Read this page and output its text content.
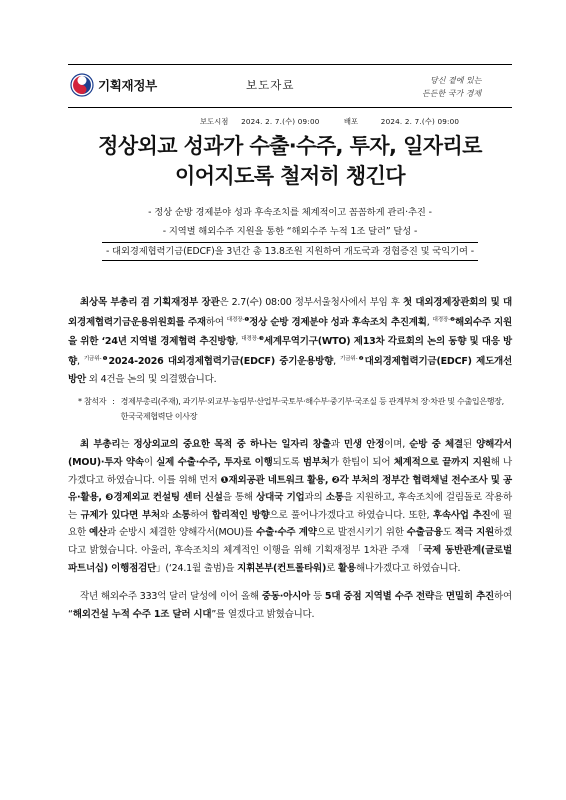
기획재정부	보도자료	당신 곁에 있는
든든한 국가 경제
보도시점 2024. 2. 7.(수) 09:00	배포	2024. 2. 7.(수) 09:00
정상외교 성과가 수출·수주, 투자, 일자리로
이어지도록 철저히 챙긴다
- 정상 순방 경제분야 성과 후속조치를 체계적이고 꼼꼼하게 관리·추진 -
- 지역별 해외수주 지원을 통한 “해외수주 누적 1조 달러” 달성 -
- 대외경제협력기금(EDCF)을 3년간 총 13.8조원 지원하여 개도국과 경협증진 및 국익기여 -

최상목 부총리 겸 기획재정부 장관은 2.7(수) 08:00 정부서울청사에서 부임 후 첫 대외경제장관회의 및 대외경제협력기금운용위원회를 주재하여 $^{대경장-❶}$정상 순방 경제분야 성과 후속조치 추진계획, $^{대경장-❷}$해외수주 지원을 위한 ‘24년 지역별 경제협력 추진방향, $^{대경장-❸}$세계무역기구(WTO) 제13차 각료회의 논의 동향 및 대응 방향, $^{기금위-❶}$2024-2026 대외경제협력기금(EDCF) 중기운용방향, $^{기금위-❷}$대외경제협력기금(EDCF) 제도개선 방안 외 4건을 논의 및 의결했습니다.

* 참석자 : 경제부총리(주재), 과기부·외교부·농림부·산업부·국토부·해수부·중기부·국조실 등 관계부처 장·차관 및 수출입은행장, 한국국제협력단 이사장

최 부총리는 정상외교의 중요한 목적 중 하나는 일자리 창출과 민생 안정이며, 순방 중 체결된 양해각서(MOU)·투자 약속이 실제 수출·수주, 투자로 이행되도록 범부처가 한팀이 되어 체계적으로 끝까지 지원해 나가겠다고 하였습니다. 이를 위해 먼저 ❶재외공관 네트워크 활용, ❷각 부처의 정부간 협력채널 전수조사 및 공유·활용, ❸경제외교 컨설팅 센터 신설을 통해 상대국 기업과의 소통을 지원하고, 후속조치에 걸림돌로 작용하는 규제가 있다면 부처와 소통하여 합리적인 방향으로 풀어나가겠다고 하였습니다. 또한, 후속사업 추진에 필요한 예산과 순방시 체결한 양해각서(MOU)를 수출·수주 계약으로 발전시키기 위한 수출금융도 적극 지원하겠다고 밝혔습니다. 아울러, 후속조치의 체계적인 이행을 위해 기획재정부 1차관 주재 「국제 동반관계(글로벌 파트너십) 이행점검단」(‘24.1월 출범)을 지휘본부(컨트롤타워)로 활용해나가겠다고 하였습니다.

작년 해외수주 333억 달러 달성에 이어 올해 중동·아시아 등 5대 중점 지역별 수주 전략을 면밀히 추진하여 “해외건설 누적 수주 1조 달러 시대”를 열겠다고 밝혔습니다.
